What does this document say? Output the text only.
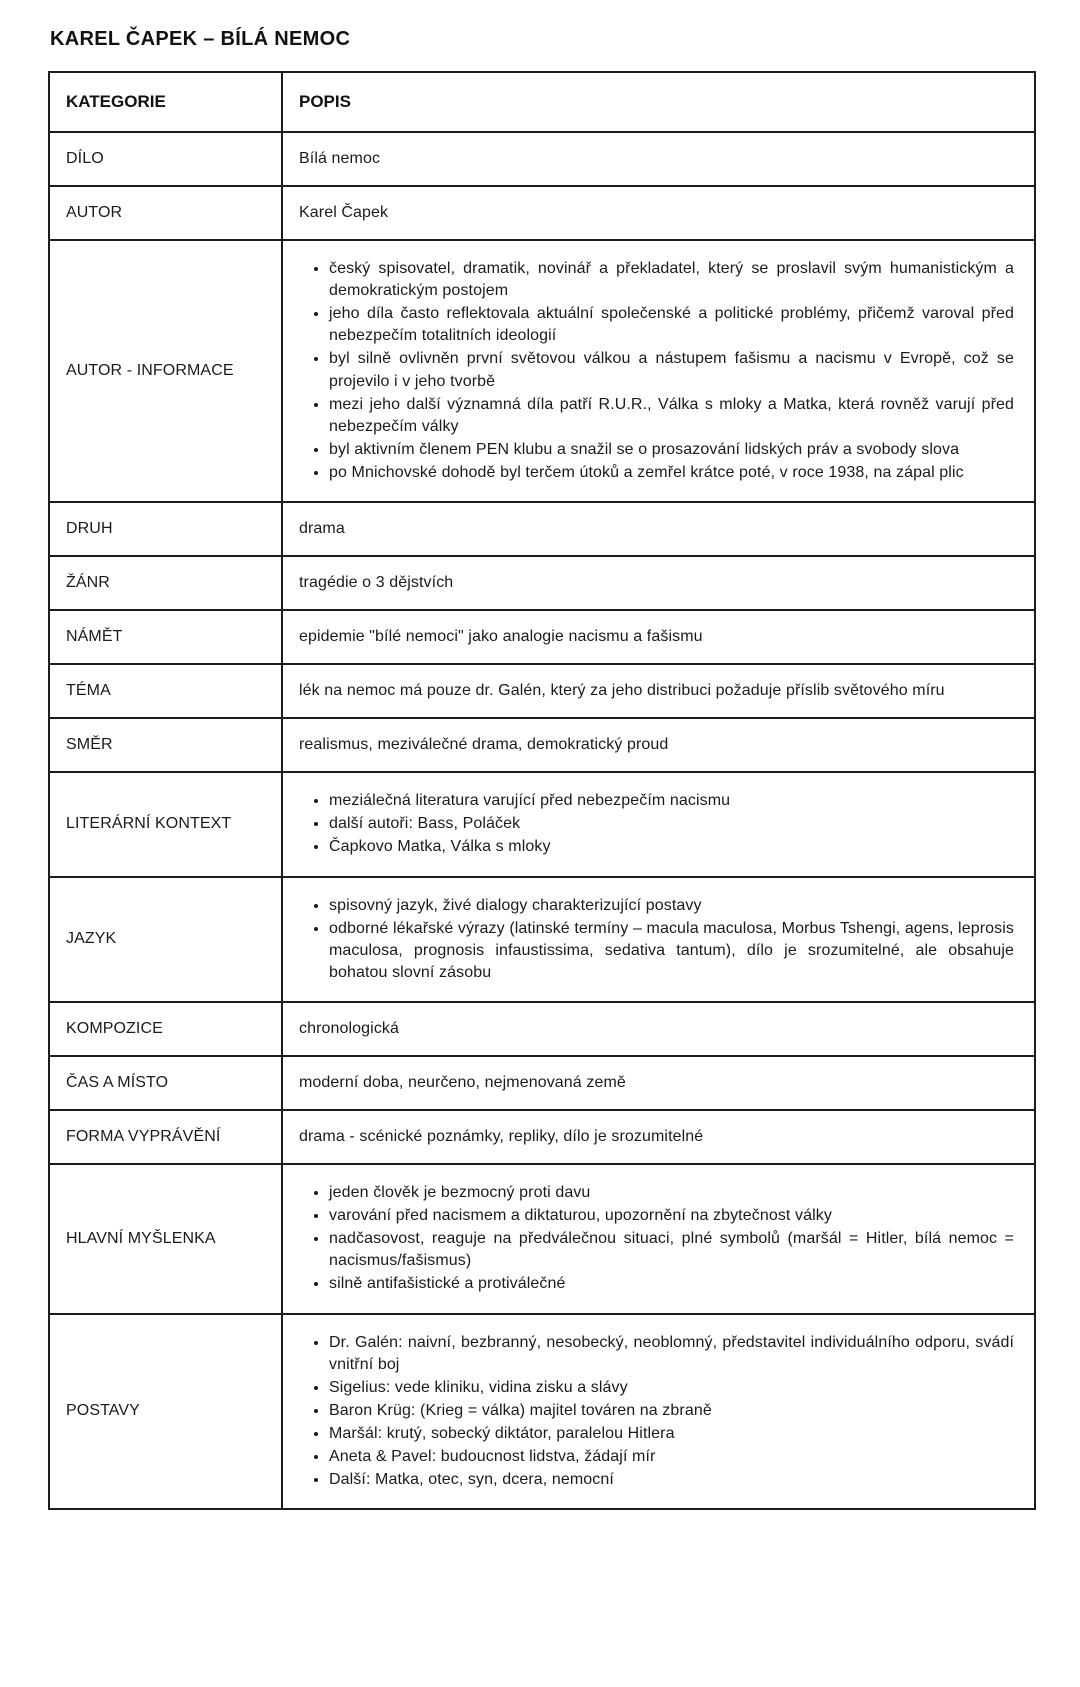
KAREL ČAPEK – BÍLÁ NEMOC
KATEGORIE	POPIS
DÍLO	Bílá nemoc

AUTOR	Karel Čapek

AUTOR - INFORMACE	
• český spisovatel, dramatik, novinář a překladatel, který se proslavil svým humanistickým a demokratickým postojem
• jeho díla často reflektovala aktuální společenské a politické problémy, přičemž varoval před nebezpečím totalitních ideologií
• byl silně ovlivněn první světovou válkou a nástupem fašismu a nacismu v Evropě, což se projevilo i v jeho tvorbě
• mezi jeho další významná díla patří R.U.R., Válka s mloky a Matka, která rovněž varují před nebezpečím války
• byl aktivním členem PEN klubu a snažil se o prosazování lidských práv a svobody slova
• po Mnichovské dohodě byl terčem útoků a zemřel krátce poté, v roce 1938, na zápal plic

DRUH	drama

ŽÁNR	tragédie o 3 dějstvích

NÁMĚT	epidemie "bílé nemoci" jako analogie nacismu a fašismu

TÉMA	lék na nemoc má pouze dr. Galén, který za jeho distribuci požaduje příslib světového míru

SMĚR	realismus, meziválečné drama, demokratický proud

LITERÁRNÍ KONTEXT	
• meziálečná literatura varující před nebezpečím nacismu
• další autoři: Bass, Poláček
• Čapkovo Matka, Válka s mloky

JAZYK	
• spisovný jazyk, živé dialogy charakterizující postavy
• odborné lékařské výrazy (latinské termíny – macula maculosa, Morbus Tshengi, agens, leprosis maculosa, prognosis infaustissima, sedativa tantum), dílo je srozumitelné, ale obsahuje bohatou slovní zásobu

KOMPOZICE	chronologická

ČAS A MÍSTO	moderní doba, neurčeno, nejmenovaná země

FORMA VYPRÁVĚNÍ	drama - scénické poznámky, repliky, dílo je srozumitelné

HLAVNÍ MYŠLENKA	
• jeden člověk je bezmocný proti davu
• varování před nacismem a diktaturou, upozornění na zbytečnost války
• nadčasovost, reaguje na předválečnou situaci, plné symbolů (maršál = Hitler, bílá nemoc = nacismus/fašismus)
• silně antifašistické a protiválečné

POSTAVY	
• Dr. Galén: naivní, bezbranný, nesobecký, neoblomný, představitel individuálního odporu, svádí vnitřní boj
• Sigelius: vede kliniku, vidina zisku a slávy
• Baron Krüg: (Krieg = válka) majitel továren na zbraně
• Maršál: krutý, sobecký diktátor, paralelou Hitlera
• Aneta & Pavel: budoucnost lidstva, žádají mír
• Další: Matka, otec, syn, dcera, nemocní
